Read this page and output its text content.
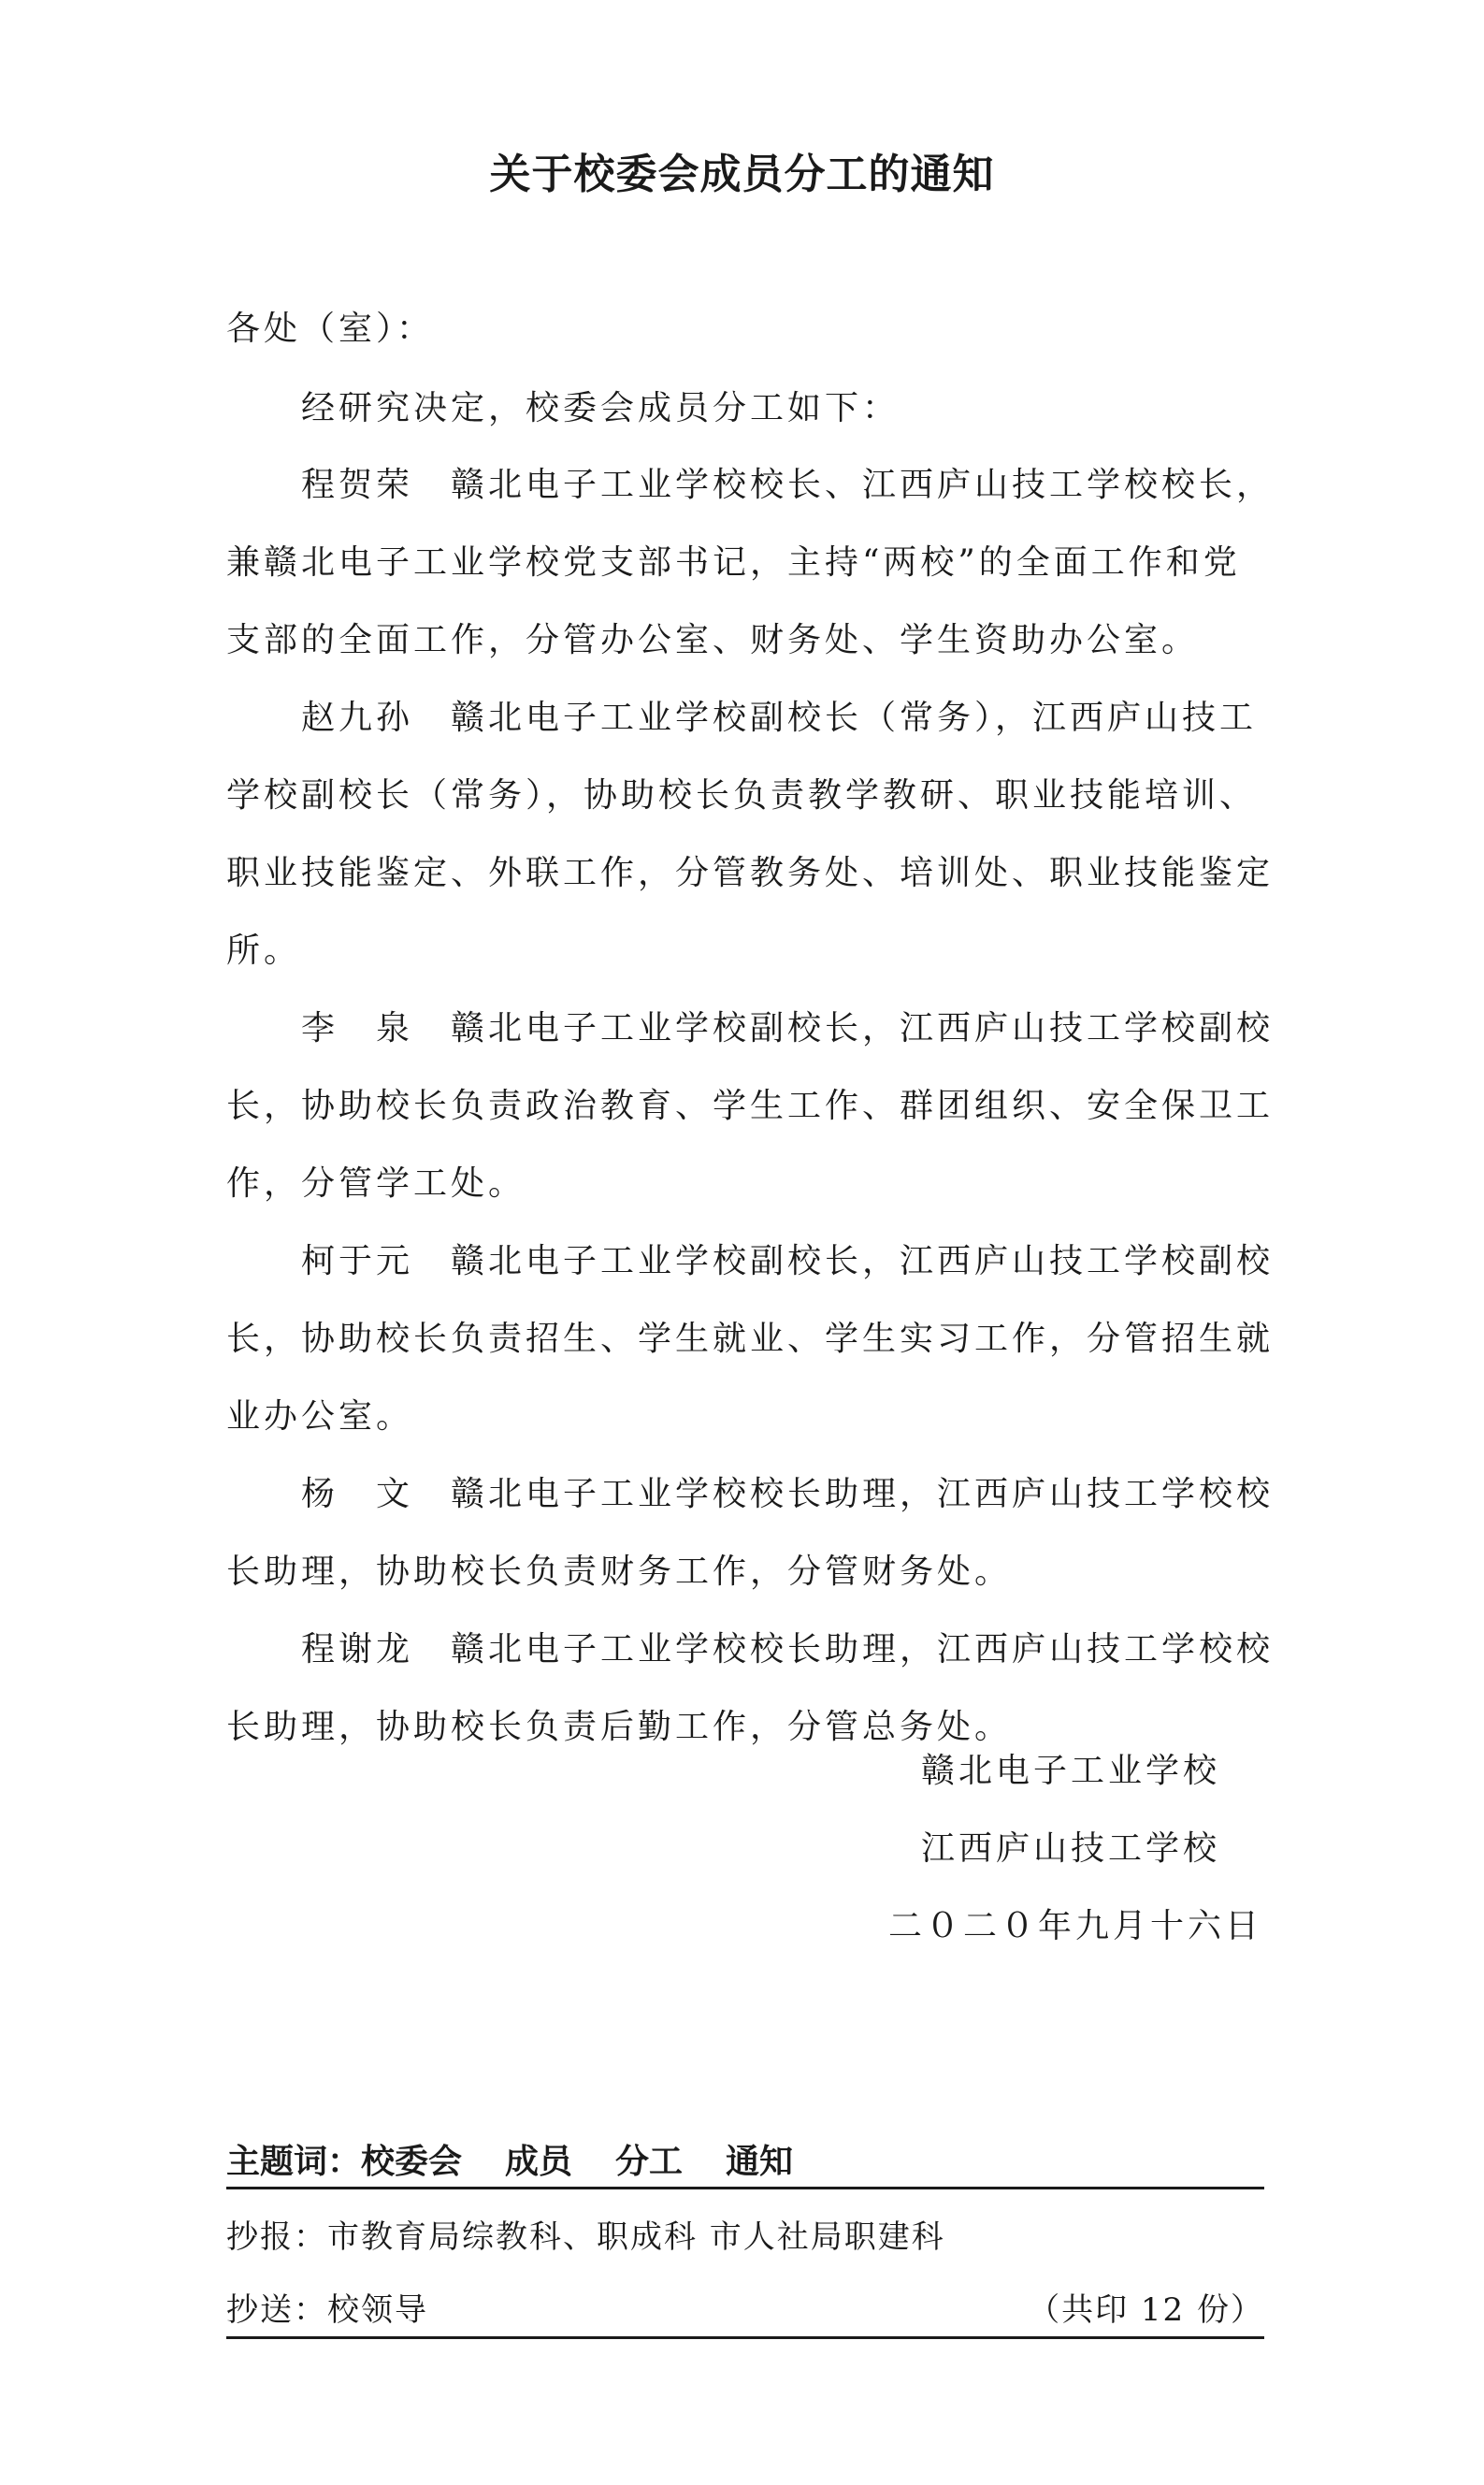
关于校委会成员分工的通知
各处（室）：
经研究决定，校委会成员分工如下：
程贺荣　赣北电子工业学校校长、江西庐山技工学校校长，
兼赣北电子工业学校党支部书记，主持“两校”的全面工作和党
支部的全面工作，分管办公室、财务处、学生资助办公室。
赵九孙　赣北电子工业学校副校长（常务），江西庐山技工
学校副校长（常务），协助校长负责教学教研、职业技能培训、
职业技能鉴定、外联工作，分管教务处、培训处、职业技能鉴定
所。
李　泉　赣北电子工业学校副校长，江西庐山技工学校副校
长，协助校长负责政治教育、学生工作、群团组织、安全保卫工
作，分管学工处。
柯于元　赣北电子工业学校副校长，江西庐山技工学校副校
长，协助校长负责招生、学生就业、学生实习工作，分管招生就
业办公室。
杨　文　赣北电子工业学校校长助理，江西庐山技工学校校
长助理，协助校长负责财务工作，分管财务处。
程谢龙　赣北电子工业学校校长助理，江西庐山技工学校校
长助理，协助校长负责后勤工作，分管总务处。
赣北电子工业学校
江西庐山技工学校
二０二０年九月十六日
主题词：校委会 成员 分工 通知
抄报：市教育局综教科、职成科 市人社局职建科
抄送：校领导	（共印 12 份）
